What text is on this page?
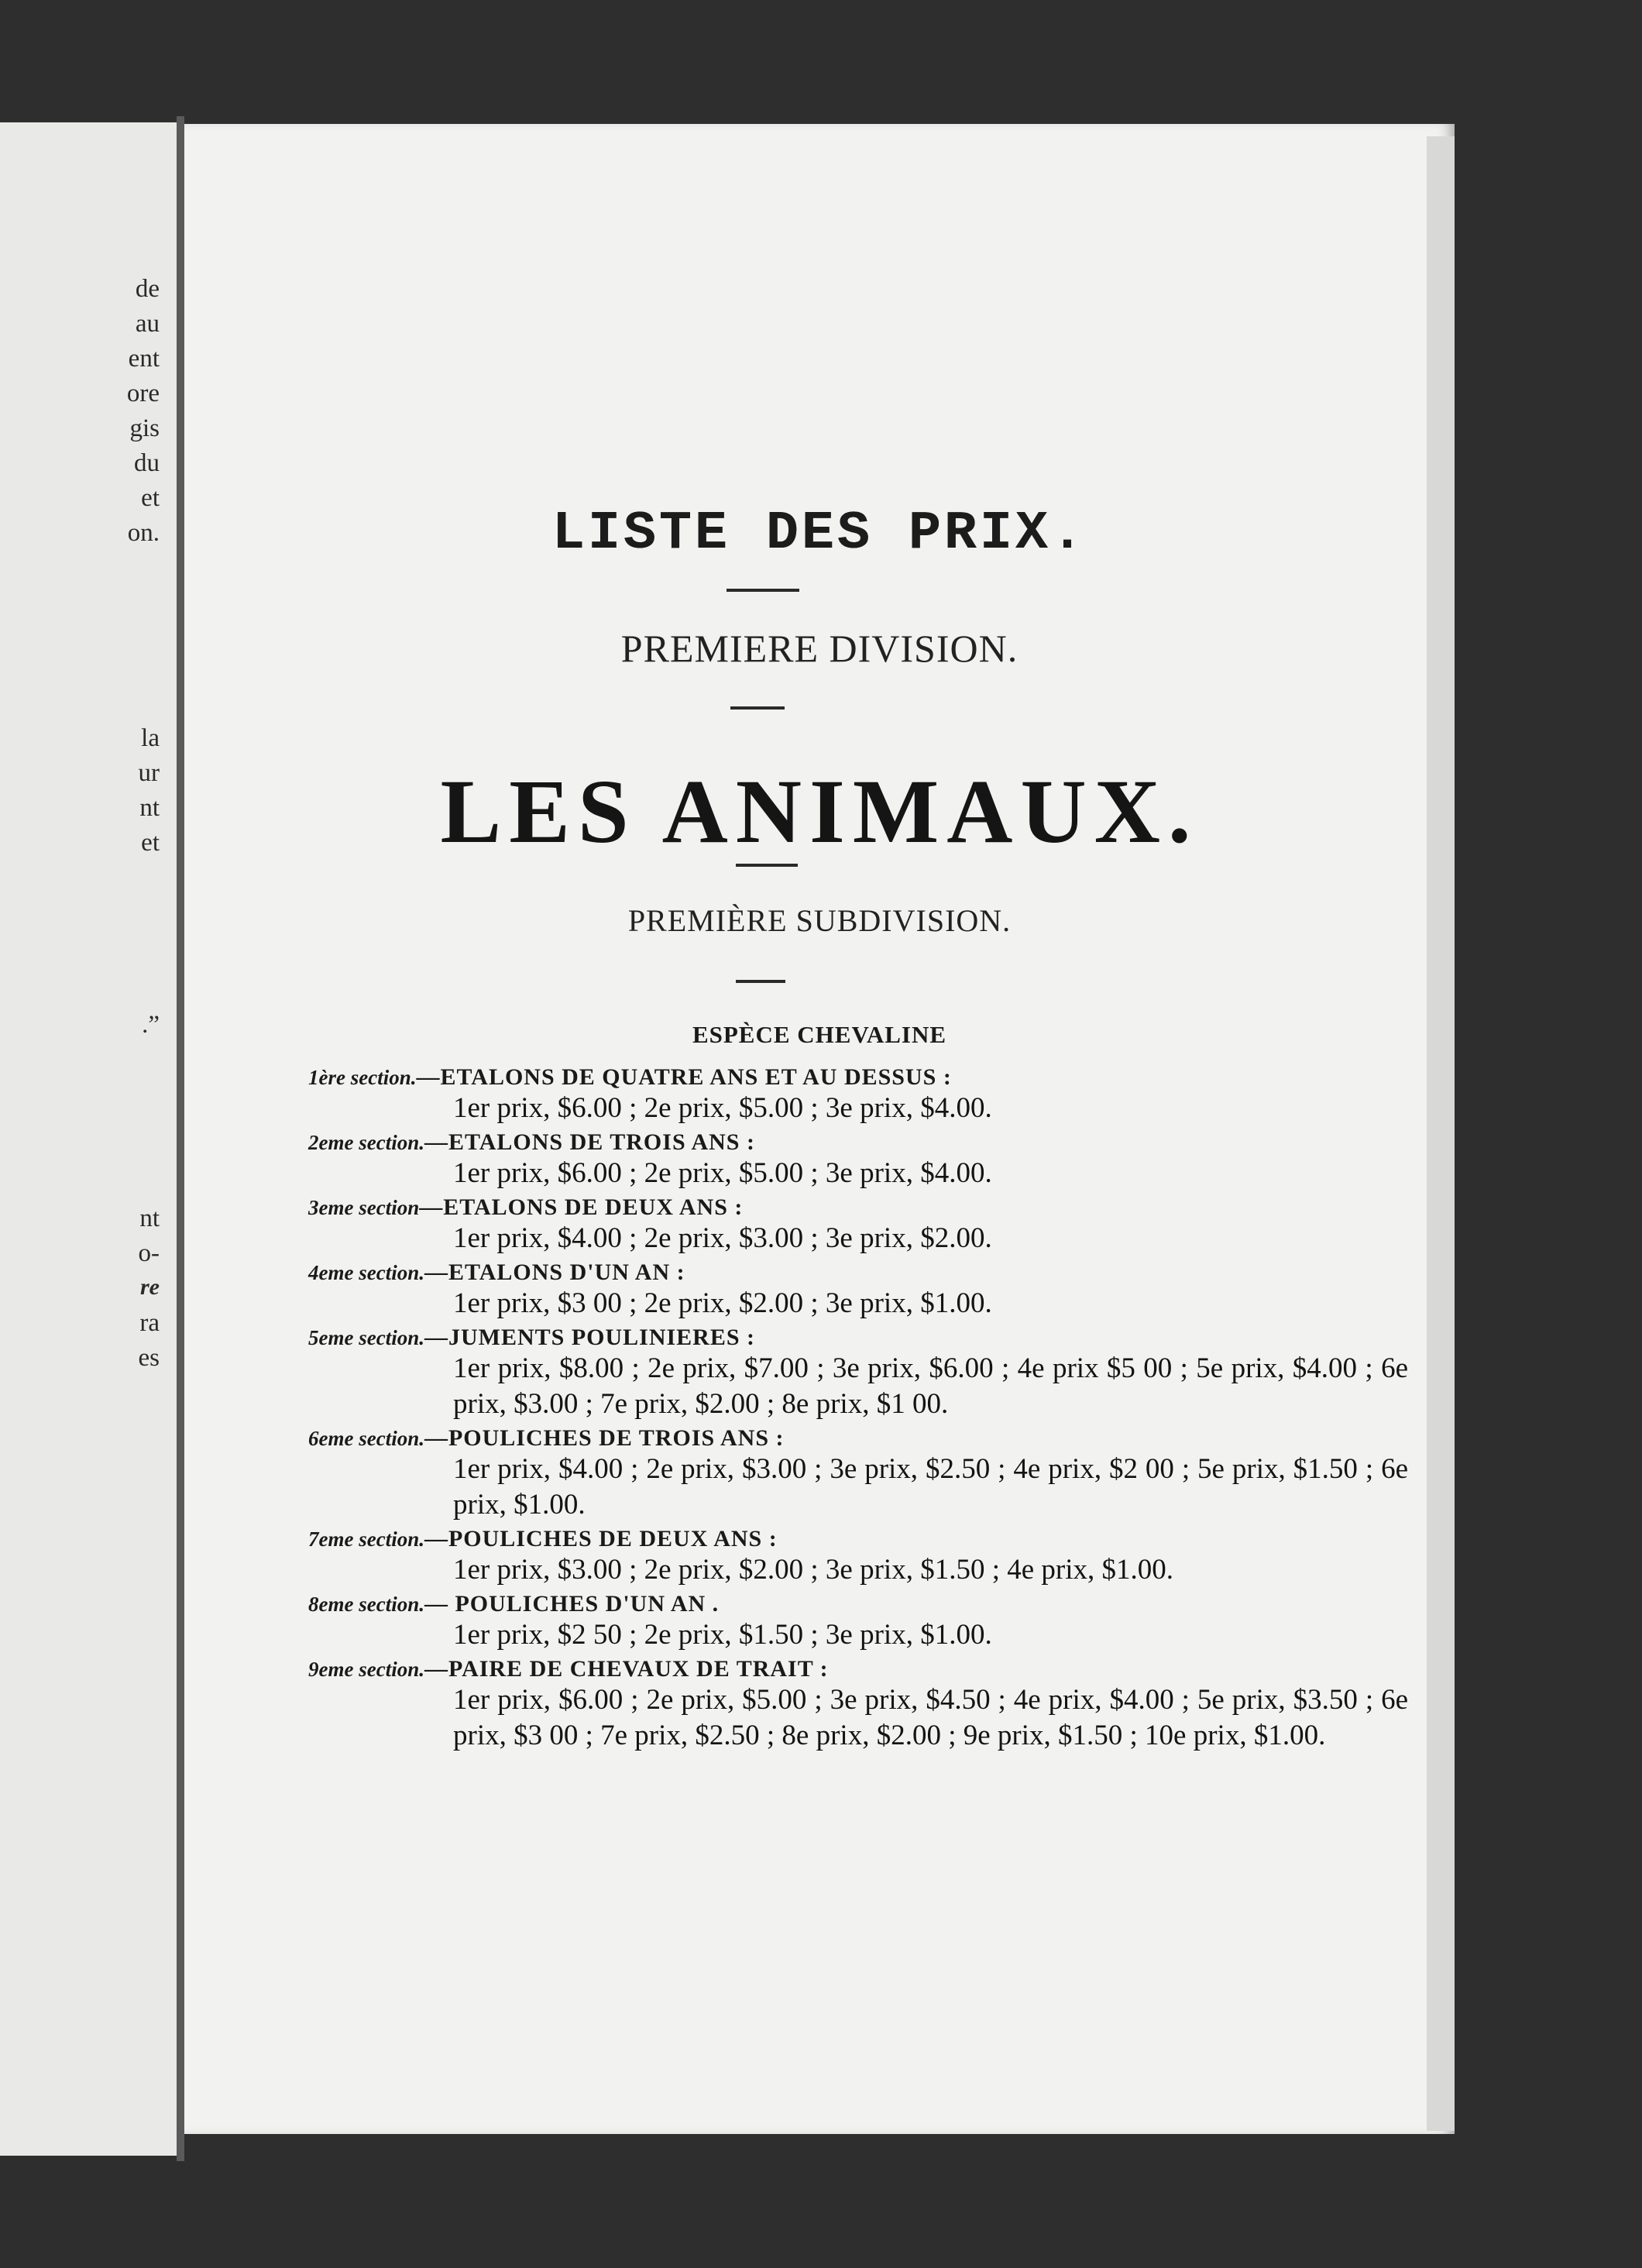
de
au
ent
ore
gis
du
et
on.
la
ur
nt
et
.”
nt
o-
re
ra
es
LISTE DES PRIX.
PREMIERE DIVISION.
LES ANIMAUX.
PREMIÈRE SUBDIVISION.
ESPÈCE CHEVALINE
1ère section.—ETALONS DE QUATRE ANS ET AU DESSUS :
1er prix, $6.00 ; 2e prix, $5.00 ; 3e prix, $4.00.
2eme section.—ETALONS DE TROIS ANS :
1er prix, $6.00 ; 2e prix, $5.00 ; 3e prix, $4.00.
3eme section—ETALONS DE DEUX ANS :
1er prix, $4.00 ; 2e prix, $3.00 ; 3e prix, $2.00.
4eme section.—ETALONS D'UN AN :
1er prix, $3 00 ; 2e prix, $2.00 ; 3e prix, $1.00.
5eme section.—JUMENTS POULINIERES :
1er prix, $8.00 ; 2e prix, $7.00 ; 3e prix, $6.00 ; 4e prix $5 00 ; 5e prix, $4.00 ; 6e prix, $3.00 ; 7e prix, $2.00 ; 8e prix, $1 00.
6eme section.—POULICHES DE TROIS ANS :
1er prix, $4.00 ; 2e prix, $3.00 ; 3e prix, $2.50 ; 4e prix, $2 00 ; 5e prix, $1.50 ; 6e prix, $1.00.
7eme section.—POULICHES DE DEUX ANS :
1er prix, $3.00 ; 2e prix, $2.00 ; 3e prix, $1.50 ; 4e prix, $1.00.
8eme section.— POULICHES D'UN AN .
1er prix, $2 50 ; 2e prix, $1.50 ; 3e prix, $1.00.
9eme section.—PAIRE DE CHEVAUX DE TRAIT :
1er prix, $6.00 ; 2e prix, $5.00 ; 3e prix, $4.50 ; 4e prix, $4.00 ; 5e prix, $3.50 ; 6e prix, $3 00 ; 7e prix, $2.50 ; 8e prix, $2.00 ; 9e prix, $1.50 ; 10e prix, $1.00.
